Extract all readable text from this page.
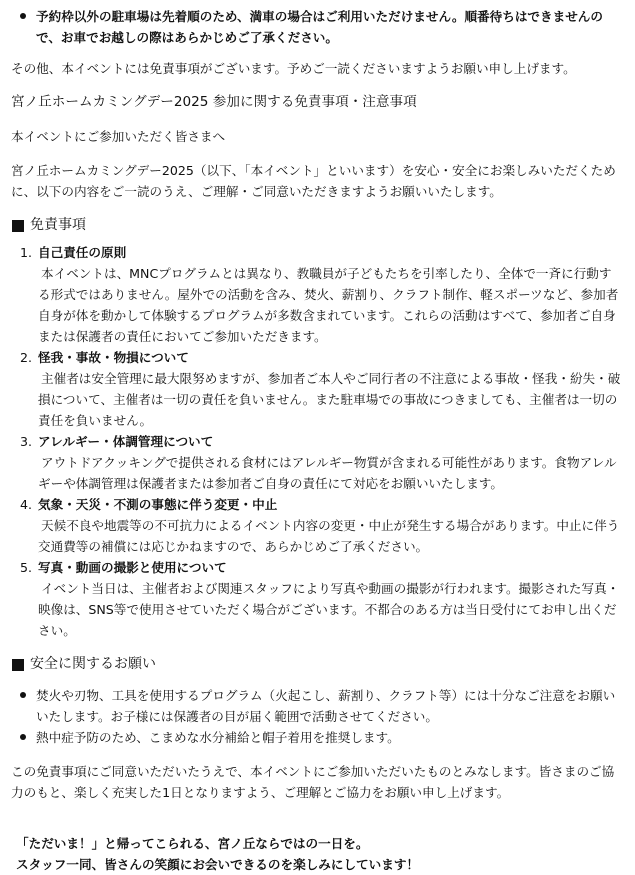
予約枠以外の駐車場は先着順のため、満車の場合はご利用いただけません。順番待ちはできませんので、お車でお越しの際はあらかじめご了承ください。

その他、本イベントには免責事項がございます。予めご一読くださいますようお願い申し上げます。

宮ノ丘ホームカミングデー2025 参加に関する免責事項・注意事項

本イベントにご参加いただく皆さまへ

宮ノ丘ホームカミングデー2025（以下、「本イベント」といいます）を安心・安全にお楽しみいただくために、以下の内容をご一読のうえ、ご理解・ご同意いただきますようお願いいたします。

免責事項
1. 自己責任の原則

本イベントは、MNCプログラムとは異なり、教職員が子どもたちを引率したり、全体で一斉に行動する形式ではありません。屋外での活動を含み、焚火、薪割り、クラフト制作、軽スポーツなど、参加者自身が体を動かして体験するプログラムが多数含まれています。これらの活動はすべて、参加者ご自身または保護者の責任においてご参加いただきます。

2. 怪我・事故・物損について

主催者は安全管理に最大限努めますが、参加者ご本人やご同行者の不注意による事故・怪我・紛失・破損について、主催者は一切の責任を負いません。また駐車場での事故につきましても、主催者は一切の責任を負いません。

3. アレルギー・体調管理について

アウトドアクッキングで提供される食材にはアレルギー物質が含まれる可能性があります。食物アレルギーや体調管理は保護者または参加者ご自身の責任にて対応をお願いいたします。

4. 気象・天災・不測の事態に伴う変更・中止

天候不良や地震等の不可抗力によるイベント内容の変更・中止が発生する場合があります。中止に伴う交通費等の補償には応じかねますので、あらかじめご了承ください。

5. 写真・動画の撮影と使用について

イベント当日は、主催者および関連スタッフにより写真や動画の撮影が行われます。撮影された写真・映像は、SNS等で使用させていただく場合がございます。不都合のある方は当日受付にてお申し出ください。

安全に関するお願い

焚火や刃物、工具を使用するプログラム（火起こし、薪割り、クラフト等）には十分なご注意をお願いいたします。お子様には保護者の目が届く範囲で活動させてください。

熱中症予防のため、こまめな水分補給と帽子着用を推奨します。

この免責事項にご同意いただいたうえで、本イベントにご参加いただいたものとみなします。皆さまのご協力のもと、楽しく充実した1日となりますよう、ご理解とご協力をお願い申し上げます。

「ただいま！」と帰ってこられる、宮ノ丘ならではの一日を。

スタッフ一同、皆さんの笑顔にお会いできるのを楽しみにしています！
